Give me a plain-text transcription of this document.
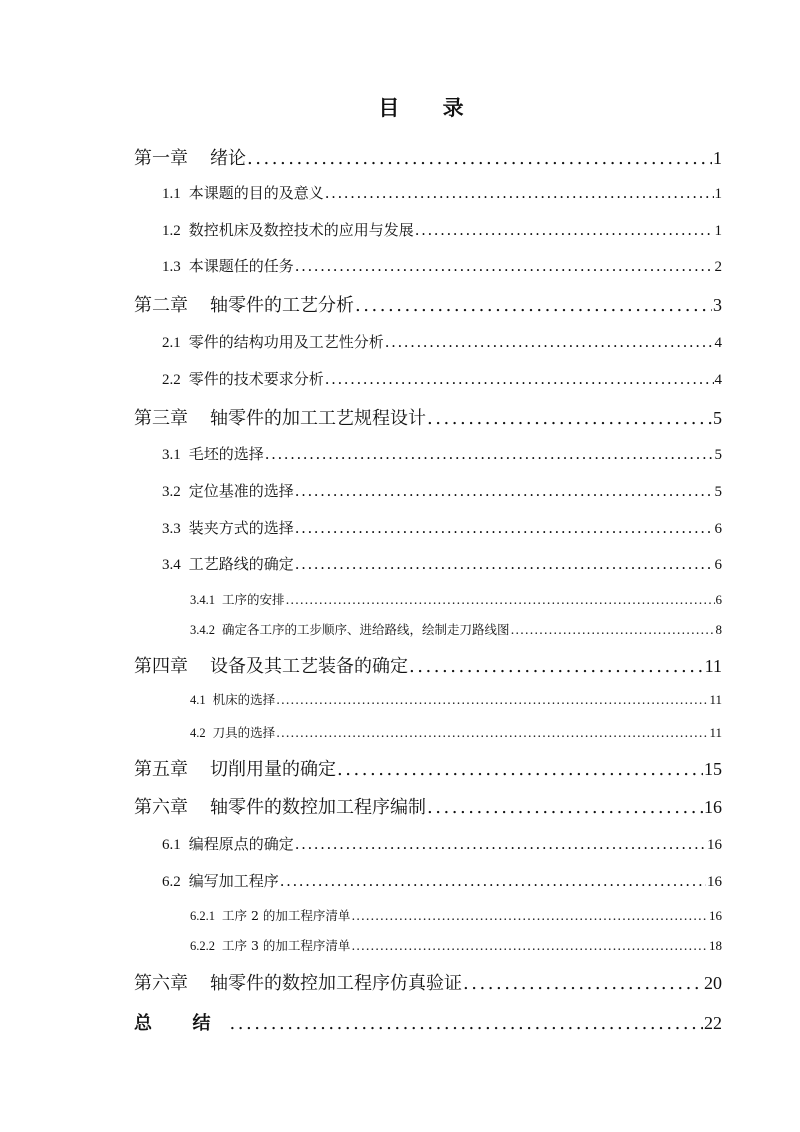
目 录
第一章 绪论 . . .	1
1.1 本课题的目的及意义 . . .	1
1.2 数控机床及数控技术的应用与发展 . . .	1
1.3 本课题任的任务 . . .	2
第二章 轴零件的工艺分析 . . .	3
2.1 零件的结构功用及工艺性分析 . . .	4
2.2 零件的技术要求分析 . . .	4
第三章 轴零件的加工工艺规程设计 . . .	5
3.1 毛坯的选择 . . .	5
3.2 定位基准的选择 . . .	5
3.3 装夹方式的选择 . . .	6
3.4 工艺路线的确定 . . .	6
3.4.1 工序的安排 . . .	6
3.4.2 确定各工序的工步顺序、进给路线，绘制走刀路线图 . . .	8
第四章 设备及其工艺装备的确定 . . .	11
4.1 机床的选择 . . .	11
4.2 刀具的选择 . . .	11
第五章 切削用量的确定 . . .	15
第六章 轴零件的数控加工程序编制 . . .	16
6.1 编程原点的确定 . . .	16
6.2 编写加工程序 . . .	16
6.2.1 工序 2 的加工程序清单 . . .	16
6.2.2 工序 3 的加工程序清单 . . .	18
第六章 轴零件的数控加工程序仿真验证 . . .	20
总 结 . . .	22
